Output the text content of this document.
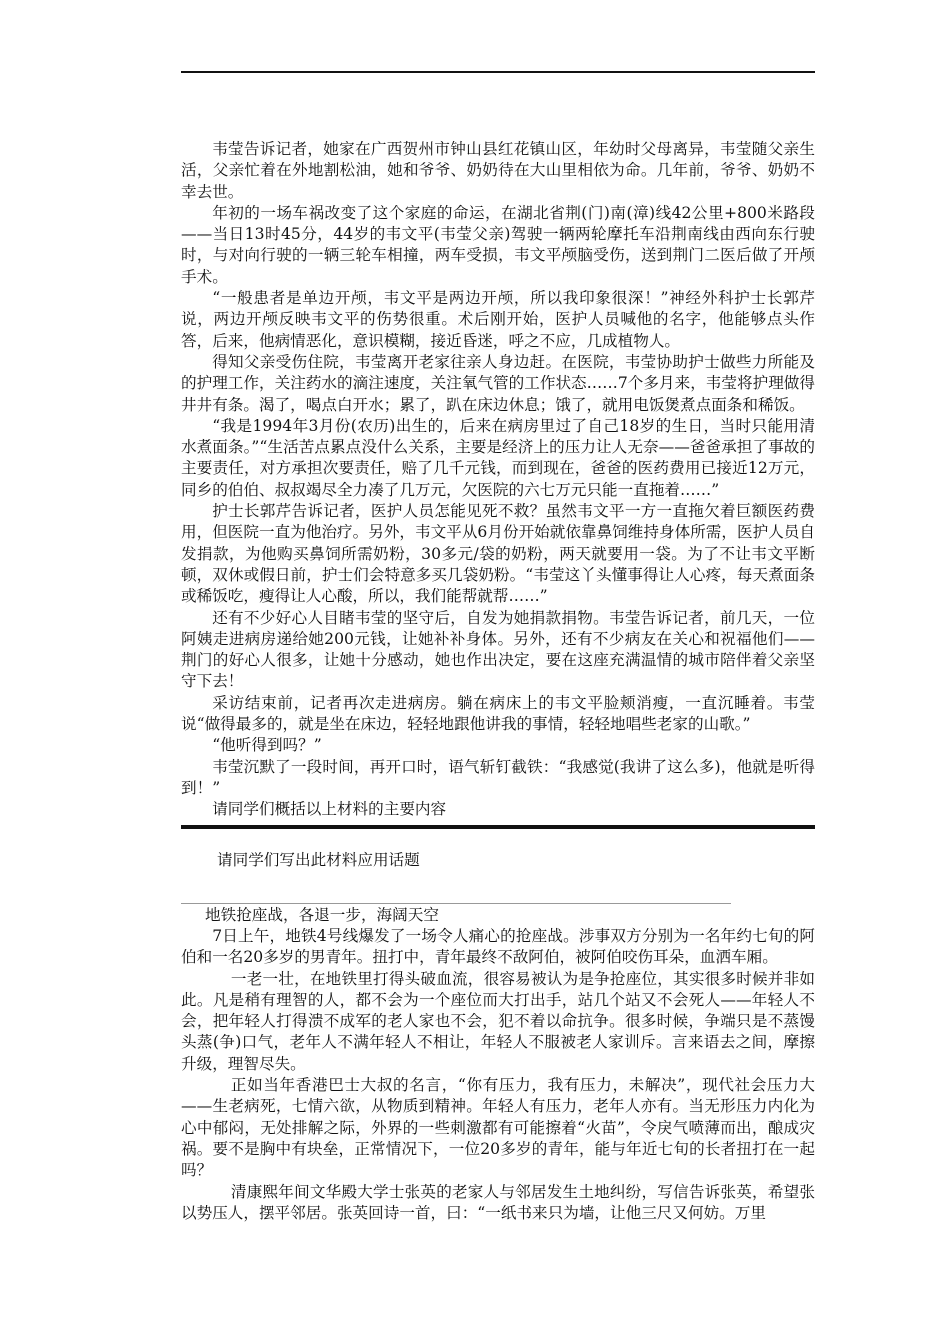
韦莹告诉记者，她家在广西贺州市钟山县红花镇山区，年幼时父母离异，韦莹随父亲生活，父亲忙着在外地割松油，她和爷爷、奶奶待在大山里相依为命。几年前，爷爷、奶奶不幸去世。

年初的一场车祸改变了这个家庭的命运，在湖北省荆(门)南(漳)线42公里+800米路段——当日13时45分，44岁的韦文平(韦莹父亲)驾驶一辆两轮摩托车沿荆南线由西向东行驶时，与对向行驶的一辆三轮车相撞，两车受损，韦文平颅脑受伤，送到荆门二医后做了开颅手术。

“一般患者是单边开颅，韦文平是两边开颅，所以我印象很深！”神经外科护士长郭芹说，两边开颅反映韦文平的伤势很重。术后刚开始，医护人员喊他的名字，他能够点头作答，后来，他病情恶化，意识模糊，接近昏迷，呼之不应，几成植物人。

得知父亲受伤住院，韦莹离开老家往亲人身边赶。在医院，韦莹协助护士做些力所能及的护理工作，关注药水的滴注速度，关注氧气管的工作状态……7个多月来，韦莹将护理做得井井有条。渴了，喝点白开水；累了，趴在床边休息；饿了，就用电饭煲煮点面条和稀饭。

“我是1994年3月份(农历)出生的，后来在病房里过了自己18岁的生日，当时只能用清水煮面条。”“生活苦点累点没什么关系，主要是经济上的压力让人无奈——爸爸承担了事故的主要责任，对方承担次要责任，赔了几千元钱，而到现在，爸爸的医药费用已接近12万元，同乡的伯伯、叔叔竭尽全力凑了几万元，欠医院的六七万元只能一直拖着……”

护士长郭芹告诉记者，医护人员怎能见死不救？虽然韦文平一方一直拖欠着巨额医药费用，但医院一直为他治疗。另外，韦文平从6月份开始就依靠鼻饲维持身体所需，医护人员自发捐款，为他购买鼻饲所需奶粉，30多元/袋的奶粉，两天就要用一袋。为了不让韦文平断顿，双休或假日前，护士们会特意多买几袋奶粉。“韦莹这丫头懂事得让人心疼，每天煮面条或稀饭吃，瘦得让人心酸，所以，我们能帮就帮……”

还有不少好心人目睹韦莹的坚守后，自发为她捐款捐物。韦莹告诉记者，前几天，一位阿姨走进病房递给她200元钱，让她补补身体。另外，还有不少病友在关心和祝福他们——荆门的好心人很多，让她十分感动，她也作出决定，要在这座充满温情的城市陪伴着父亲坚守下去！

采访结束前，记者再次走进病房。躺在病床上的韦文平脸颊消瘦，一直沉睡着。韦莹说“做得最多的，就是坐在床边，轻轻地跟他讲我的事情，轻轻地唱些老家的山歌。”

“他听得到吗？”

韦莹沉默了一段时间，再开口时，语气斩钉截铁：“我感觉(我讲了这么多)，他就是听得到！”

请同学们概括以上材料的主要内容

请同学们写出此材料应用话题
地铁抢座战，各退一步，海阔天空

7日上午，地铁4号线爆发了一场令人痛心的抢座战。涉事双方分别为一名年约七旬的阿伯和一名20多岁的男青年。扭打中，青年最终不敌阿伯，被阿伯咬伤耳朵，血洒车厢。

一老一壮，在地铁里打得头破血流，很容易被认为是争抢座位，其实很多时候并非如此。凡是稍有理智的人，都不会为一个座位而大打出手，站几个站又不会死人——年轻人不会，把年轻人打得溃不成军的老人家也不会，犯不着以命抗争。很多时候，争端只是不蒸馒头蒸(争)口气，老年人不满年轻人不相让，年轻人不服被老人家训斥。言来语去之间，摩擦升级，理智尽失。

正如当年香港巴士大叔的名言，“你有压力，我有压力，未解决”，现代社会压力大——生老病死，七情六欲，从物质到精神。年轻人有压力，老年人亦有。当无形压力内化为心中郁闷，无处排解之际，外界的一些刺激都有可能擦着“火苗”，令戾气喷薄而出，酿成灾祸。要不是胸中有块垒，正常情况下，一位20多岁的青年，能与年近七旬的长者扭打在一起吗？

清康熙年间文华殿大学士张英的老家人与邻居发生土地纠纷，写信告诉张英，希望张以势压人，摆平邻居。张英回诗一首，曰：“一纸书来只为墙，让他三尺又何妨。万里
